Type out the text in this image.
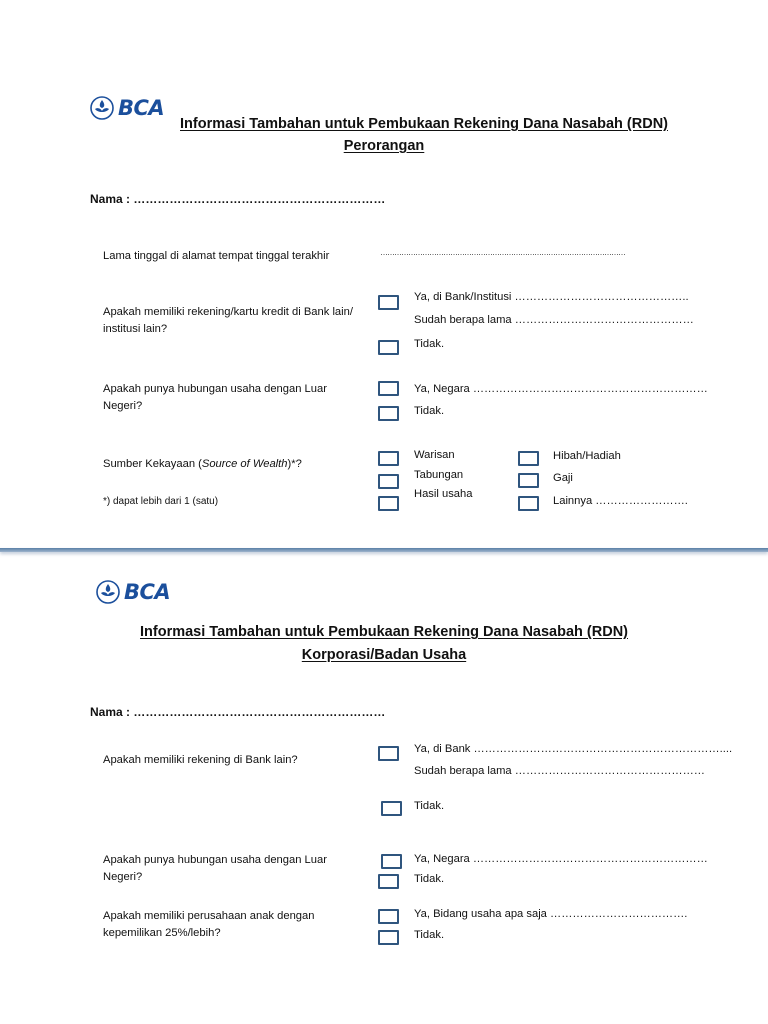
BCA
Informasi Tambahan untuk Pembukaan Rekening Dana Nasabah (RDN)
Perorangan
Nama : ………………………………………………………
Lama tinggal di alamat tempat tinggal terakhir	……………………………………………………………………………………………
Apakah memiliki rekening/kartu kredit di Bank lain/ institusi lain?
Ya, di Bank/Institusi ………………………………………..
Sudah berapa lama …………………………………………
Tidak.
Apakah punya hubungan usaha dengan Luar Negeri?
Ya, Negara ………………………………………………………
Tidak.
Sumber Kekayaan (Source of Wealth)*?
*) dapat lebih dari 1 (satu)
Warisan
Tabungan
Hasil usaha
Hibah/Hadiah
Gaji
Lainnya …………………….
BCA
Informasi Tambahan untuk Pembukaan Rekening Dana Nasabah (RDN)
Korporasi/Badan Usaha
Nama : ………………………………………………………
Apakah memiliki rekening di Bank lain?
Ya, di Bank …………………………………………………………....
Sudah berapa lama ……………………………………………
Tidak.
Apakah punya hubungan usaha dengan Luar Negeri?
Ya, Negara ………………………………………………………
Tidak.
Apakah memiliki perusahaan anak dengan kepemilikan 25%/lebih?
Ya, Bidang usaha apa saja ……………………………….
Tidak.
